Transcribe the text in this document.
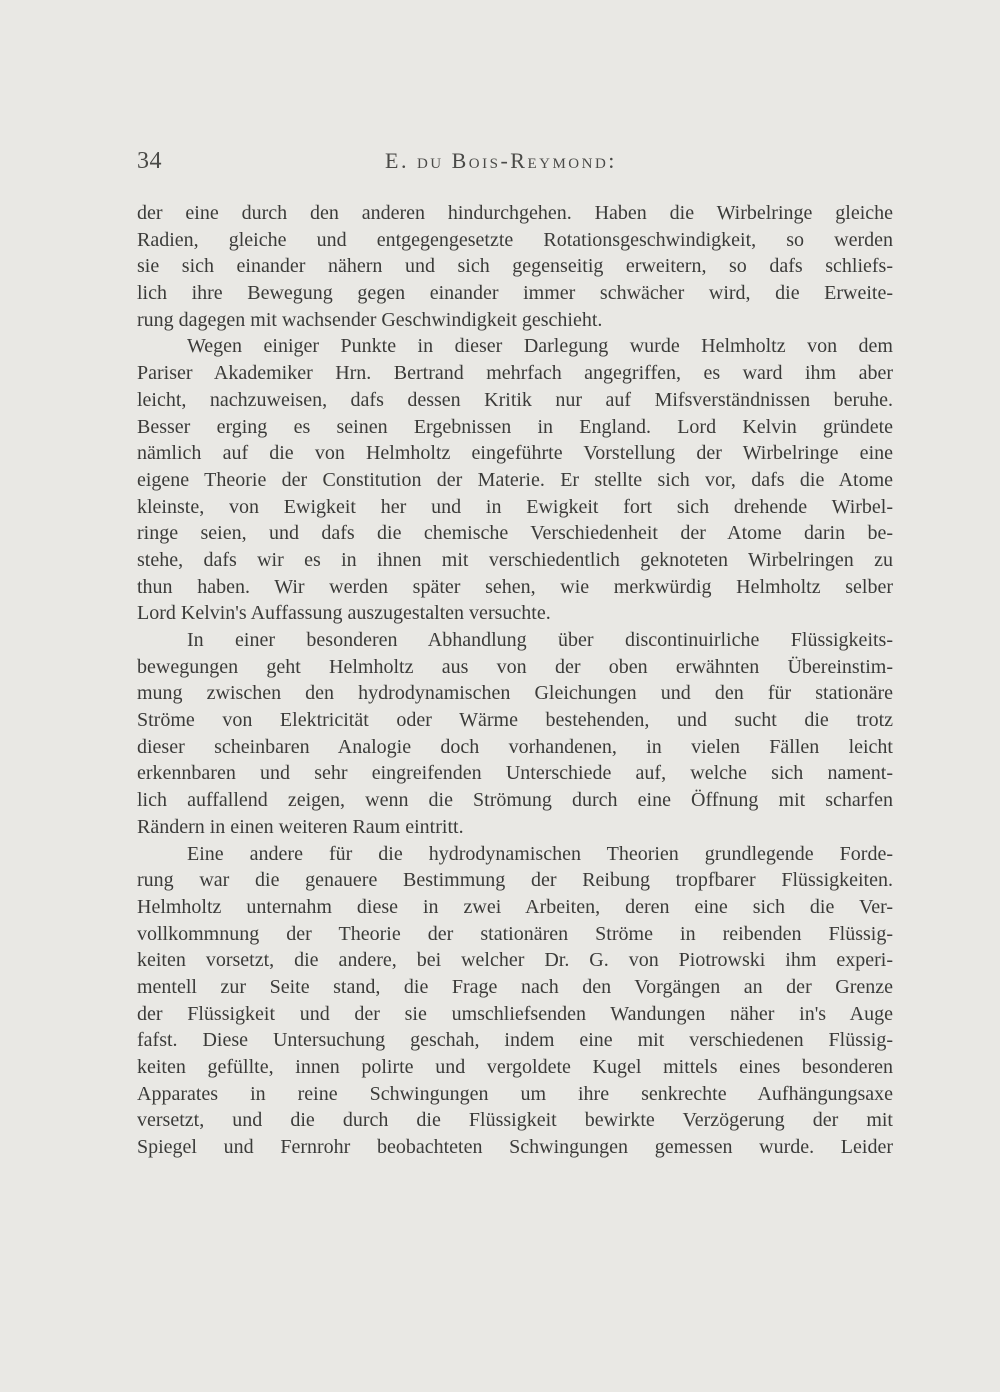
34	E. du Bois-Reymond:
der eine durch den anderen hindurchgehen. Haben die Wirbelringe gleiche
Radien, gleiche und entgegengesetzte Rotationsgeschwindigkeit, so werden
sie sich einander nähern und sich gegenseitig erweitern, so dafs schliefs-
lich ihre Bewegung gegen einander immer schwächer wird, die Erweite-
rung dagegen mit wachsender Geschwindigkeit geschieht.
Wegen einiger Punkte in dieser Darlegung wurde Helmholtz von dem
Pariser Akademiker Hrn. Bertrand mehrfach angegriffen, es ward ihm aber
leicht, nachzuweisen, dafs dessen Kritik nur auf Mifsverständnissen beruhe.
Besser erging es seinen Ergebnissen in England. Lord Kelvin gründete
nämlich auf die von Helmholtz eingeführte Vorstellung der Wirbelringe eine
eigene Theorie der Constitution der Materie. Er stellte sich vor, dafs die Atome
kleinste, von Ewigkeit her und in Ewigkeit fort sich drehende Wirbel-
ringe seien, und dafs die chemische Verschiedenheit der Atome darin be-
stehe, dafs wir es in ihnen mit verschiedentlich geknoteten Wirbelringen zu
thun haben. Wir werden später sehen, wie merkwürdig Helmholtz selber
Lord Kelvin's Auffassung auszugestalten versuchte.
In einer besonderen Abhandlung über discontinuirliche Flüssigkeits-
bewegungen geht Helmholtz aus von der oben erwähnten Übereinstim-
mung zwischen den hydrodynamischen Gleichungen und den für stationäre
Ströme von Elektricität oder Wärme bestehenden, und sucht die trotz
dieser scheinbaren Analogie doch vorhandenen, in vielen Fällen leicht
erkennbaren und sehr eingreifenden Unterschiede auf, welche sich nament-
lich auffallend zeigen, wenn die Strömung durch eine Öffnung mit scharfen
Rändern in einen weiteren Raum eintritt.
Eine andere für die hydrodynamischen Theorien grundlegende Forde-
rung war die genauere Bestimmung der Reibung tropfbarer Flüssigkeiten.
Helmholtz unternahm diese in zwei Arbeiten, deren eine sich die Ver-
vollkommnung der Theorie der stationären Ströme in reibenden Flüssig-
keiten vorsetzt, die andere, bei welcher Dr. G. von Piotrowski ihm experi-
mentell zur Seite stand, die Frage nach den Vorgängen an der Grenze
der Flüssigkeit und der sie umschliefsenden Wandungen näher in's Auge
fafst. Diese Untersuchung geschah, indem eine mit verschiedenen Flüssig-
keiten gefüllte, innen polirte und vergoldete Kugel mittels eines besonderen
Apparates in reine Schwingungen um ihre senkrechte Aufhängungsaxe
versetzt, und die durch die Flüssigkeit bewirkte Verzögerung der mit
Spiegel und Fernrohr beobachteten Schwingungen gemessen wurde. Leider
